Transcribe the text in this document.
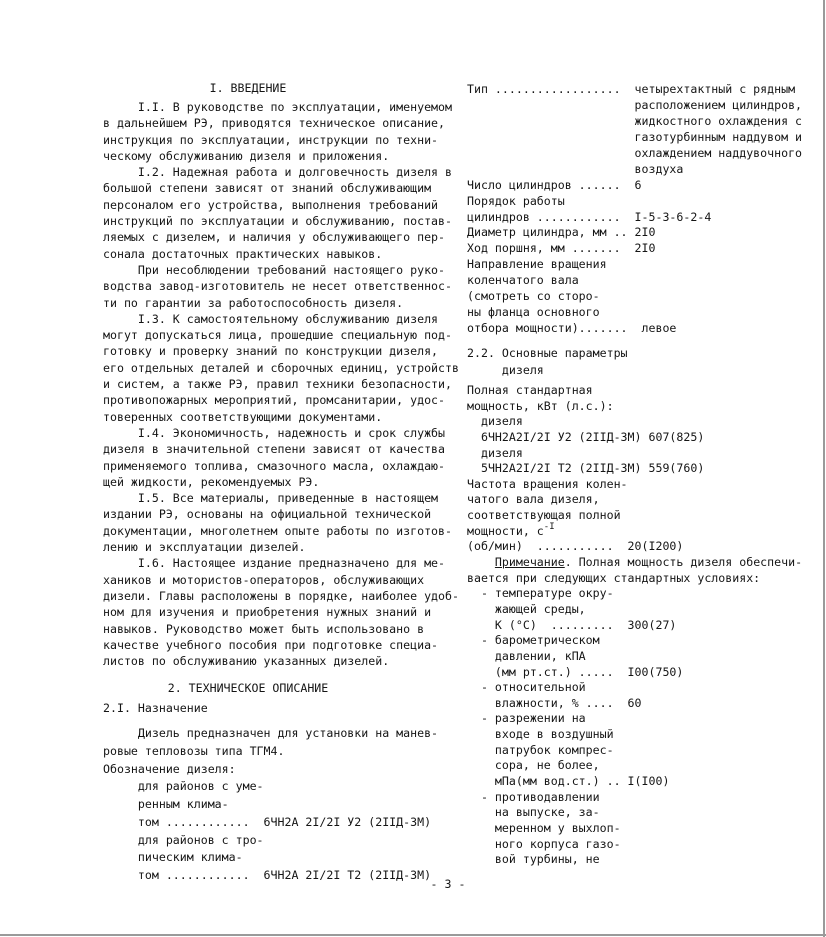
I. ВВЕДЕНИЕ
I.I. В руководстве по эксплуатации, именуемом
в дальнейшем РЭ, приводятся техническое описание,
инструкция по эксплуатации, инструкции по техни-
ческому обслуживанию дизеля и приложения.
I.2. Надежная работа и долговечность дизеля в
большой степени зависят от знаний обслуживающим
персоналом его устройства, выполнения требований
инструкций по эксплуатации и обслуживанию, постав-
ляемых с дизелем, и наличия у обслуживающего пер-
сонала достаточных практических навыков.
При несоблюдении требований настоящего руко-
водства завод-изготовитель не несет ответственнос-
ти по гарантии за работоспособность дизеля.
I.3. К самостоятельному обслуживанию дизеля
могут допускаться лица, прошедшие специальную под-
готовку и проверку знаний по конструкции дизеля,
его отдельных деталей и сборочных единиц, устройств
и систем, а также РЭ, правил техники безопасности,
противопожарных мероприятий, промсанитарии, удос-
товеренных соответствующими документами.
I.4. Экономичность, надежность и срок службы
дизеля в значительной степени зависят от качества
применяемого топлива, смазочного масла, охлаждаю-
щей жидкости, рекомендуемых РЭ.
I.5. Все материалы, приведенные в настоящем
издании РЭ, основаны на официальной технической
документации, многолетнем опыте работы по изготов-
лению и эксплуатации дизелей.
I.6. Настоящее издание предназначено для ме-
хаников и мотористов-операторов, обслуживающих
дизели. Главы расположены в порядке, наиболее удоб-
ном для изучения и приобретения нужных знаний и
навыков. Руководство может быть использовано в
качестве учебного пособия при подготовке специа-
листов по обслуживанию указанных дизелей.
2. ТЕХНИЧЕСКОЕ ОПИСАНИЕ
2.I. Назначение
Дизель предназначен для установки на манев-
ровые тепловозы типа ТГМ4.
Обозначение дизеля:
для районов с уме-
ренным клима-
том ............  6ЧН2А 2I/2I У2 (2IIД-3М)
для районов с тро-
пическим клима-
том ............  6ЧН2А 2I/2I Т2 (2IIД-3М)
Тип ..................  четырехтактный с рядным
расположением цилиндров,
жидкостного охлаждения с
газотурбинным наддувом и
охлаждением наддувочного
воздуха
Число цилиндров ......  6
Порядок работы
цилиндров ............  I-5-3-6-2-4
Диаметр цилиндра, мм .. 2I0
Ход поршня, мм .......  2I0
Направление вращения
коленчатого вала
(смотреть со сторо-
ны фланца основного
отбора мощности).......  левое
2.2. Основные параметры
дизеля
Полная стандартная
мощность, кВт (л.с.):
дизеля
6ЧН2А2I/2I У2 (2IIД-3М) 607(825)
дизеля
5ЧН2А2I/2I Т2 (2IIД-3М) 559(760)
Частота вращения колен-
чатого вала дизеля,
соответствующая полной
мощности, $с^{-I}$
(об/мин)  ...........  20(I200)
Примечание. Полная мощность дизеля обеспечи-
вается при следующих стандартных условиях:
- температуре окру-
жающей среды,
К (°С)  .........  300(27)
- барометрическом
давлении, кПА
(мм рт.ст.) .....  I00(750)
- относительной
влажности, % ....  60
- разрежении на
входе в воздушный
патрубок компрес-
сора, не более,
мПа(мм вод.ст.) .. I(I00)
- противодавлении
на выпуске, за-
меренном у выхлоп-
ного корпуса газо-
вой турбины, не
- 3 -
